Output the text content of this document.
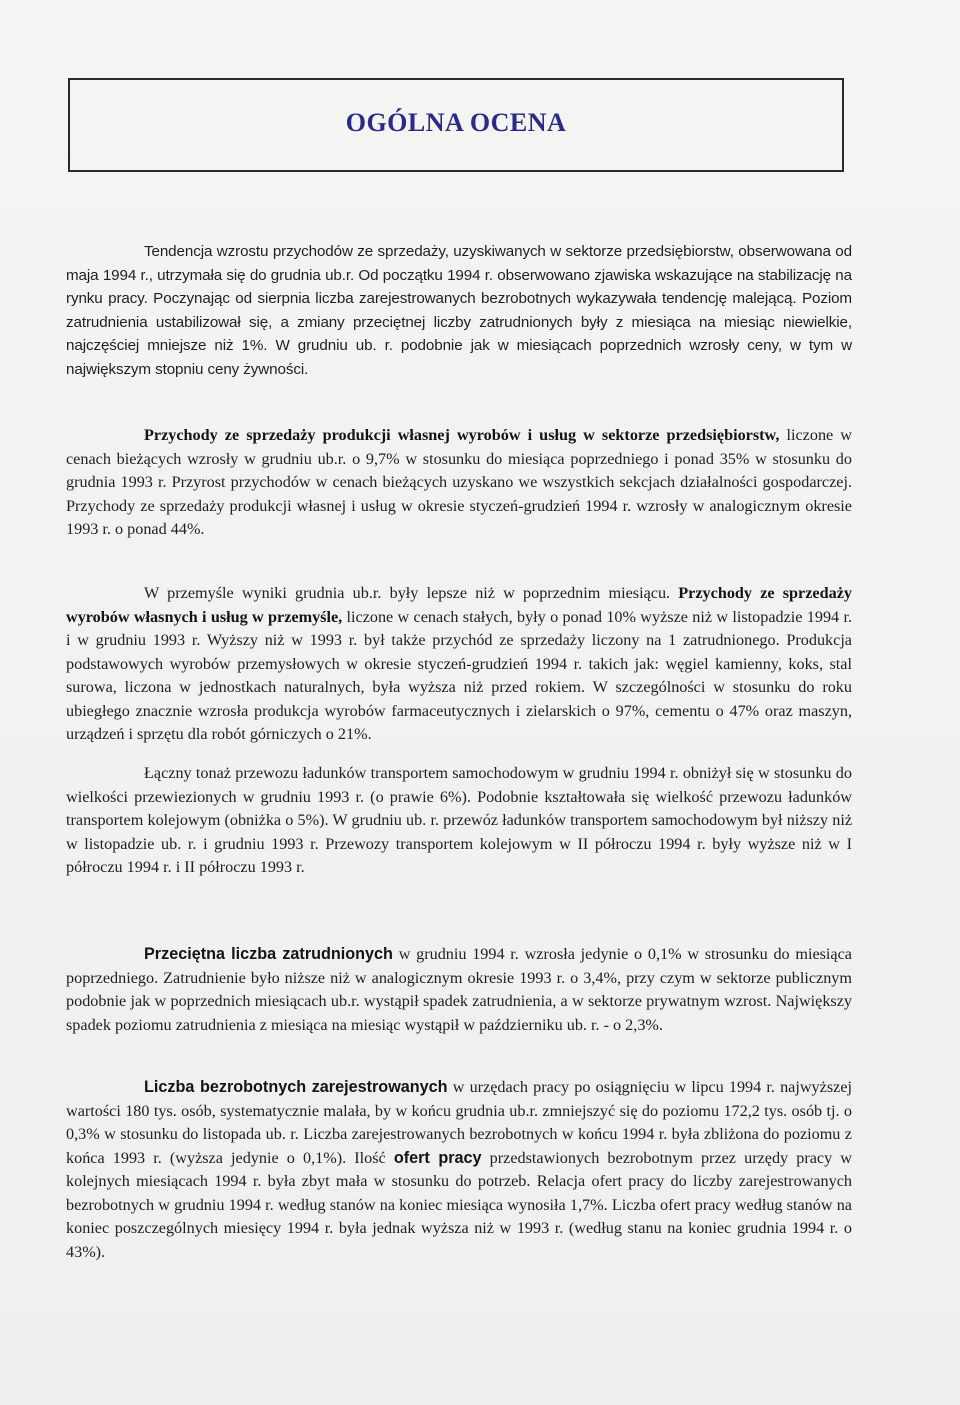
OGÓLNA OCENA

Tendencja wzrostu przychodów ze sprzedaży, uzyskiwanych w sektorze przedsiębiorstw, obserwowana od maja 1994 r., utrzymała się do grudnia ub.r. Od początku 1994 r. obserwowano zjawiska wskazujące na stabilizację na rynku pracy. Poczynając od sierpnia liczba zarejestrowanych bezrobotnych wykazywała tendencję malejącą. Poziom zatrudnienia ustabilizował się, a zmiany przeciętnej liczby zatrudnionych były z miesiąca na miesiąc niewielkie, najczęściej mniejsze niż 1%. W grudniu ub. r. podobnie jak w miesiącach poprzednich wzrosły ceny, w tym w największym stopniu ceny żywności.

Przychody ze sprzedaży produkcji własnej wyrobów i usług w sektorze przedsiębiorstw, liczone w cenach bieżących wzrosły w grudniu ub.r. o 9,7% w stosunku do miesiąca poprzedniego i ponad 35% w stosunku do grudnia 1993 r. Przyrost przychodów w cenach bieżących uzyskano we wszystkich sekcjach działalności gospodarczej. Przychody ze sprzedaży produkcji własnej i usług w okresie styczeń-grudzień 1994 r. wzrosły w analogicznym okresie 1993 r. o ponad 44%.

W przemyśle wyniki grudnia ub.r. były lepsze niż w poprzednim miesiącu. Przychody ze sprzedaży wyrobów własnych i usług w przemyśle, liczone w cenach stałych, były o ponad 10% wyższe niż w listopadzie 1994 r. i w grudniu 1993 r. Wyższy niż w 1993 r. był także przychód ze sprzedaży liczony na 1 zatrudnionego. Produkcja podstawowych wyrobów przemysłowych w okresie styczeń-grudzień 1994 r. takich jak: węgiel kamienny, koks, stal surowa, liczona w jednostkach naturalnych, była wyższa niż przed rokiem. W szczególności w stosunku do roku ubiegłego znacznie wzrosła produkcja wyrobów farmaceutycznych i zielarskich o 97%, cementu o 47% oraz maszyn, urządzeń i sprzętu dla robót górniczych o 21%.

Łączny tonaż przewozu ładunków transportem samochodowym w grudniu 1994 r. obniżył się w stosunku do wielkości przewiezionych w grudniu 1993 r. (o prawie 6%). Podobnie kształtowała się wielkość przewozu ładunków transportem kolejowym (obniżka o 5%). W grudniu ub. r. przewóz ładunków transportem samochodowym był niższy niż w listopadzie ub. r. i grudniu 1993 r. Przewozy transportem kolejowym w II półroczu 1994 r. były wyższe niż w I półroczu 1994 r. i II półroczu 1993 r.

Przeciętna liczba zatrudnionych w grudniu 1994 r. wzrosła jedynie o 0,1% w strosunku do miesiąca poprzedniego. Zatrudnienie było niższe niż w analogicznym okresie 1993 r. o 3,4%, przy czym w sektorze publicznym podobnie jak w poprzednich miesiącach ub.r. wystąpił spadek zatrudnienia, a w sektorze prywatnym wzrost. Największy spadek poziomu zatrudnienia z miesiąca na miesiąc wystąpił w październiku ub. r. - o 2,3%.

Liczba bezrobotnych zarejestrowanych w urzędach pracy po osiągnięciu w lipcu 1994 r. najwyższej wartości 180 tys. osób, systematycznie malała, by w końcu grudnia ub.r. zmniejszyć się do poziomu 172,2 tys. osób tj. o 0,3% w stosunku do listopada ub. r. Liczba zarejestrowanych bezrobotnych w końcu 1994 r. była zbliżona do poziomu z końca 1993 r. (wyższa jedynie o 0,1%). Ilość ofert pracy przedstawionych bezrobotnym przez urzędy pracy w kolejnych miesiącach 1994 r. była zbyt mała w stosunku do potrzeb. Relacja ofert pracy do liczby zarejestrowanych bezrobotnych w grudniu 1994 r. według stanów na koniec miesiąca wynosiła 1,7%. Liczba ofert pracy według stanów na koniec poszczególnych miesięcy 1994 r. była jednak wyższa niż w 1993 r. (według stanu na koniec grudnia 1994 r. o 43%).
